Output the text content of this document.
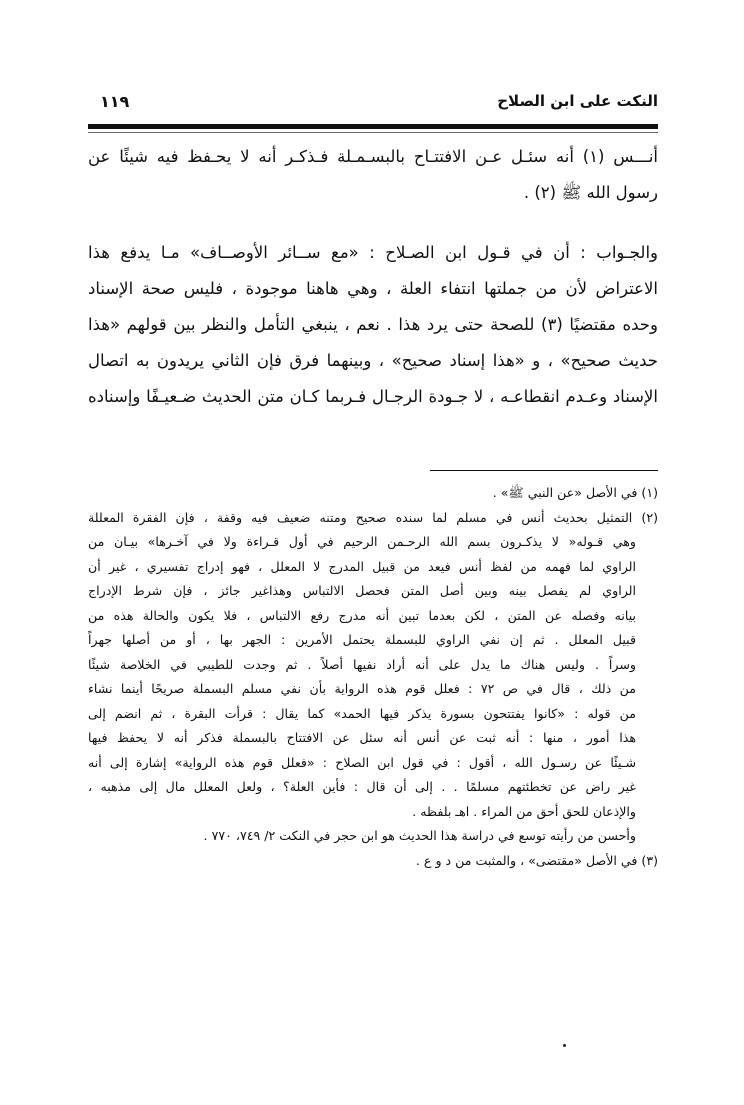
النكت على ابن الصلاح
١١٩
أنـــس (١) أنه سئـل عـن الافتتـاح بالبسـمـلة فـذكـر أنه لا يحـفظ فيه شيئًا عن
رسول الله ﷺ (٢) .
والجـواب : أن في قـول ابن الصـلاح : «مع ســائر الأوصــاف» مـا يدفع هذا
الاعتراض لأن من جملتها انتفاء العلة ، وهي هاهنا موجودة ، فليس صحة الإسناد
وحده مقتضيًا (٣) للصحة حتى يرد هذا . نعم ، ينبغي التأمل والنظر بين قولهم «هذا
حديث صحيح» ، و «هذا إسناد صحيح» ، وبينهما فرق فإن الثاني يريدون به اتصال
الإسناد وعـدم انقطاعـه ، لا جـودة الرجـال فـربما كـان متن الحديث ضـعيـفًا وإسناده
(١) في الأصل «عن النبي ﷺ» .
(٢) التمثيل بحديث أنس في مسلم لما سنده صحيح ومتنه ضعيف فيه وقفة ، فإن الفقرة المعللة
وهي قـوله« لا يذكـرون بسم الله الرحـمن الرحيم في أول قـراءة ولا في آخـرها» بيـان من
الراوي لما فهمه من لفظ أنس فيعد من قبيل المدرج لا المعلل ، فهو إدراج تفسيري ، غير أن
الراوي لم يفصل بينه وبين أصل المتن فحصل الالتباس وهذاغير جائز ، فإن شرط الإدراج
بيانه وفصله عن المتن ، لكن بعدما تبين أنه مدرج رفع الالتباس ، فلا يكون والحالة هذه من
قبيل المعلل . ثم إن نفي الراوي للبسملة يحتمل الأمرين : الجهر بها ، أو من أصلها جهراً
وسراً . وليس هناك ما يدل على أنه أراد نفيها أصلاً . ثم وجدت للطيبي في الخلاصة شيئًا
من ذلك ، قال في ص ٧٢ : فعلل قوم هذه الرواية بأن نفي مسلم البسملة صريحًا أينما نشاء
من قوله : «كانوا يفتتحون بسورة يذكر فيها الحمد» كما يقال : قرأت البقرة ، ثم انضم إلى
هذا أمور ، منها : أنه ثبت عن أنس أنه سئل عن الافتتاح بالبسملة فذكر أنه لا يحفظ فيها
شـيئًا عن رسـول الله ، أقول : في قول ابن الصلاح : «فعلل قوم هذه الرواية» إشارة إلى أنه
غير راض عن تخطئتهم مسلمًا . . إلى أن قال : فأين العلة؟ ، ولعل المعلل مال إلى مذهبه ،
والإذعان للحق أحق من المراء . اهـ بلفظه .
وأحسن من رأيته توسع في دراسة هذا الحديث هو ابن حجر في النكت ٢/ ٧٤٩، ٧٧٠ .
(٣) في الأصل «مقتضى» ، والمثبت من د و ع .
